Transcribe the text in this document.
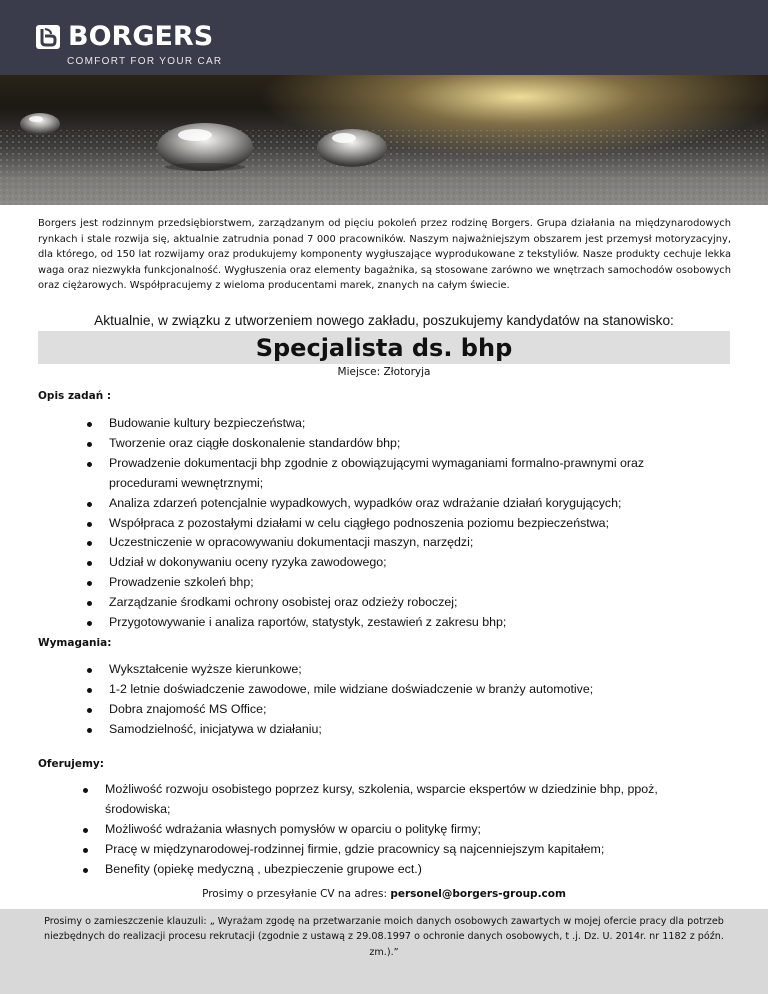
BORGERS
COMFORT FOR YOUR CAR

Borgers jest rodzinnym przedsiębiorstwem, zarządzanym od pięciu pokoleń przez rodzinę Borgers. Grupa działania na międzynarodowych rynkach i stale rozwija się, aktualnie zatrudnia ponad 7 000 pracowników. Naszym najważniejszym obszarem jest przemysł motoryzacyjny, dla którego, od 150 lat rozwijamy oraz produkujemy komponenty wygłuszające wyprodukowane z tekstyliów. Nasze produkty cechuje lekka waga oraz niezwykła funkcjonalność. Wygłuszenia oraz elementy bagażnika, są stosowane zarówno we wnętrzach samochodów osobowych oraz ciężarowych. Współpracujemy z wieloma producentami marek, znanych na całym świecie.

Aktualnie, w związku z utworzeniem nowego zakładu, poszukujemy kandydatów na stanowisko:
Specjalista ds. bhp
Miejsce: Złotoryja
Opis zadań :
Budowanie kultury bezpieczeństwa;
Tworzenie oraz ciągłe doskonalenie standardów bhp;
Prowadzenie dokumentacji bhp zgodnie z obowiązującymi wymaganiami formalno-prawnymi oraz procedurami wewnętrznymi;
Analiza zdarzeń potencjalnie wypadkowych, wypadków oraz wdrażanie działań korygujących;
Współpraca z pozostałymi działami w celu ciągłego podnoszenia poziomu bezpieczeństwa;
Uczestniczenie w opracowywaniu dokumentacji maszyn, narzędzi;
Udział w dokonywaniu oceny ryzyka zawodowego;
Prowadzenie szkoleń bhp;
Zarządzanie środkami ochrony osobistej oraz odzieży roboczej;
Przygotowywanie i analiza raportów, statystyk, zestawień z zakresu bhp;
Wymagania:
Wykształcenie wyższe kierunkowe;
1-2 letnie doświadczenie zawodowe, mile widziane doświadczenie w branży automotive;
Dobra znajomość MS Office;
Samodzielność, inicjatywa w działaniu;
Oferujemy:
Możliwość rozwoju osobistego poprzez kursy, szkolenia, wsparcie ekspertów w dziedzinie bhp, ppoż, środowiska;
Możliwość wdrażania własnych pomysłów w oparciu o politykę firmy;
Pracę w międzynarodowej-rodzinnej firmie, gdzie pracownicy są najcenniejszym kapitałem;
Benefity (opiekę medyczną , ubezpieczenie grupowe ect.)
Prosimy o przesyłanie CV na adres: personel@borgers-group.com

Prosimy o zamieszczenie klauzuli: „ Wyrażam zgodę na przetwarzanie moich danych osobowych zawartych w mojej ofercie pracy dla potrzeb niezbędnych do realizacji procesu rekrutacji (zgodnie z ustawą z 29.08.1997 o ochronie danych osobowych, t .j. Dz. U. 2014r. nr 1182 z późn. zm.).”
